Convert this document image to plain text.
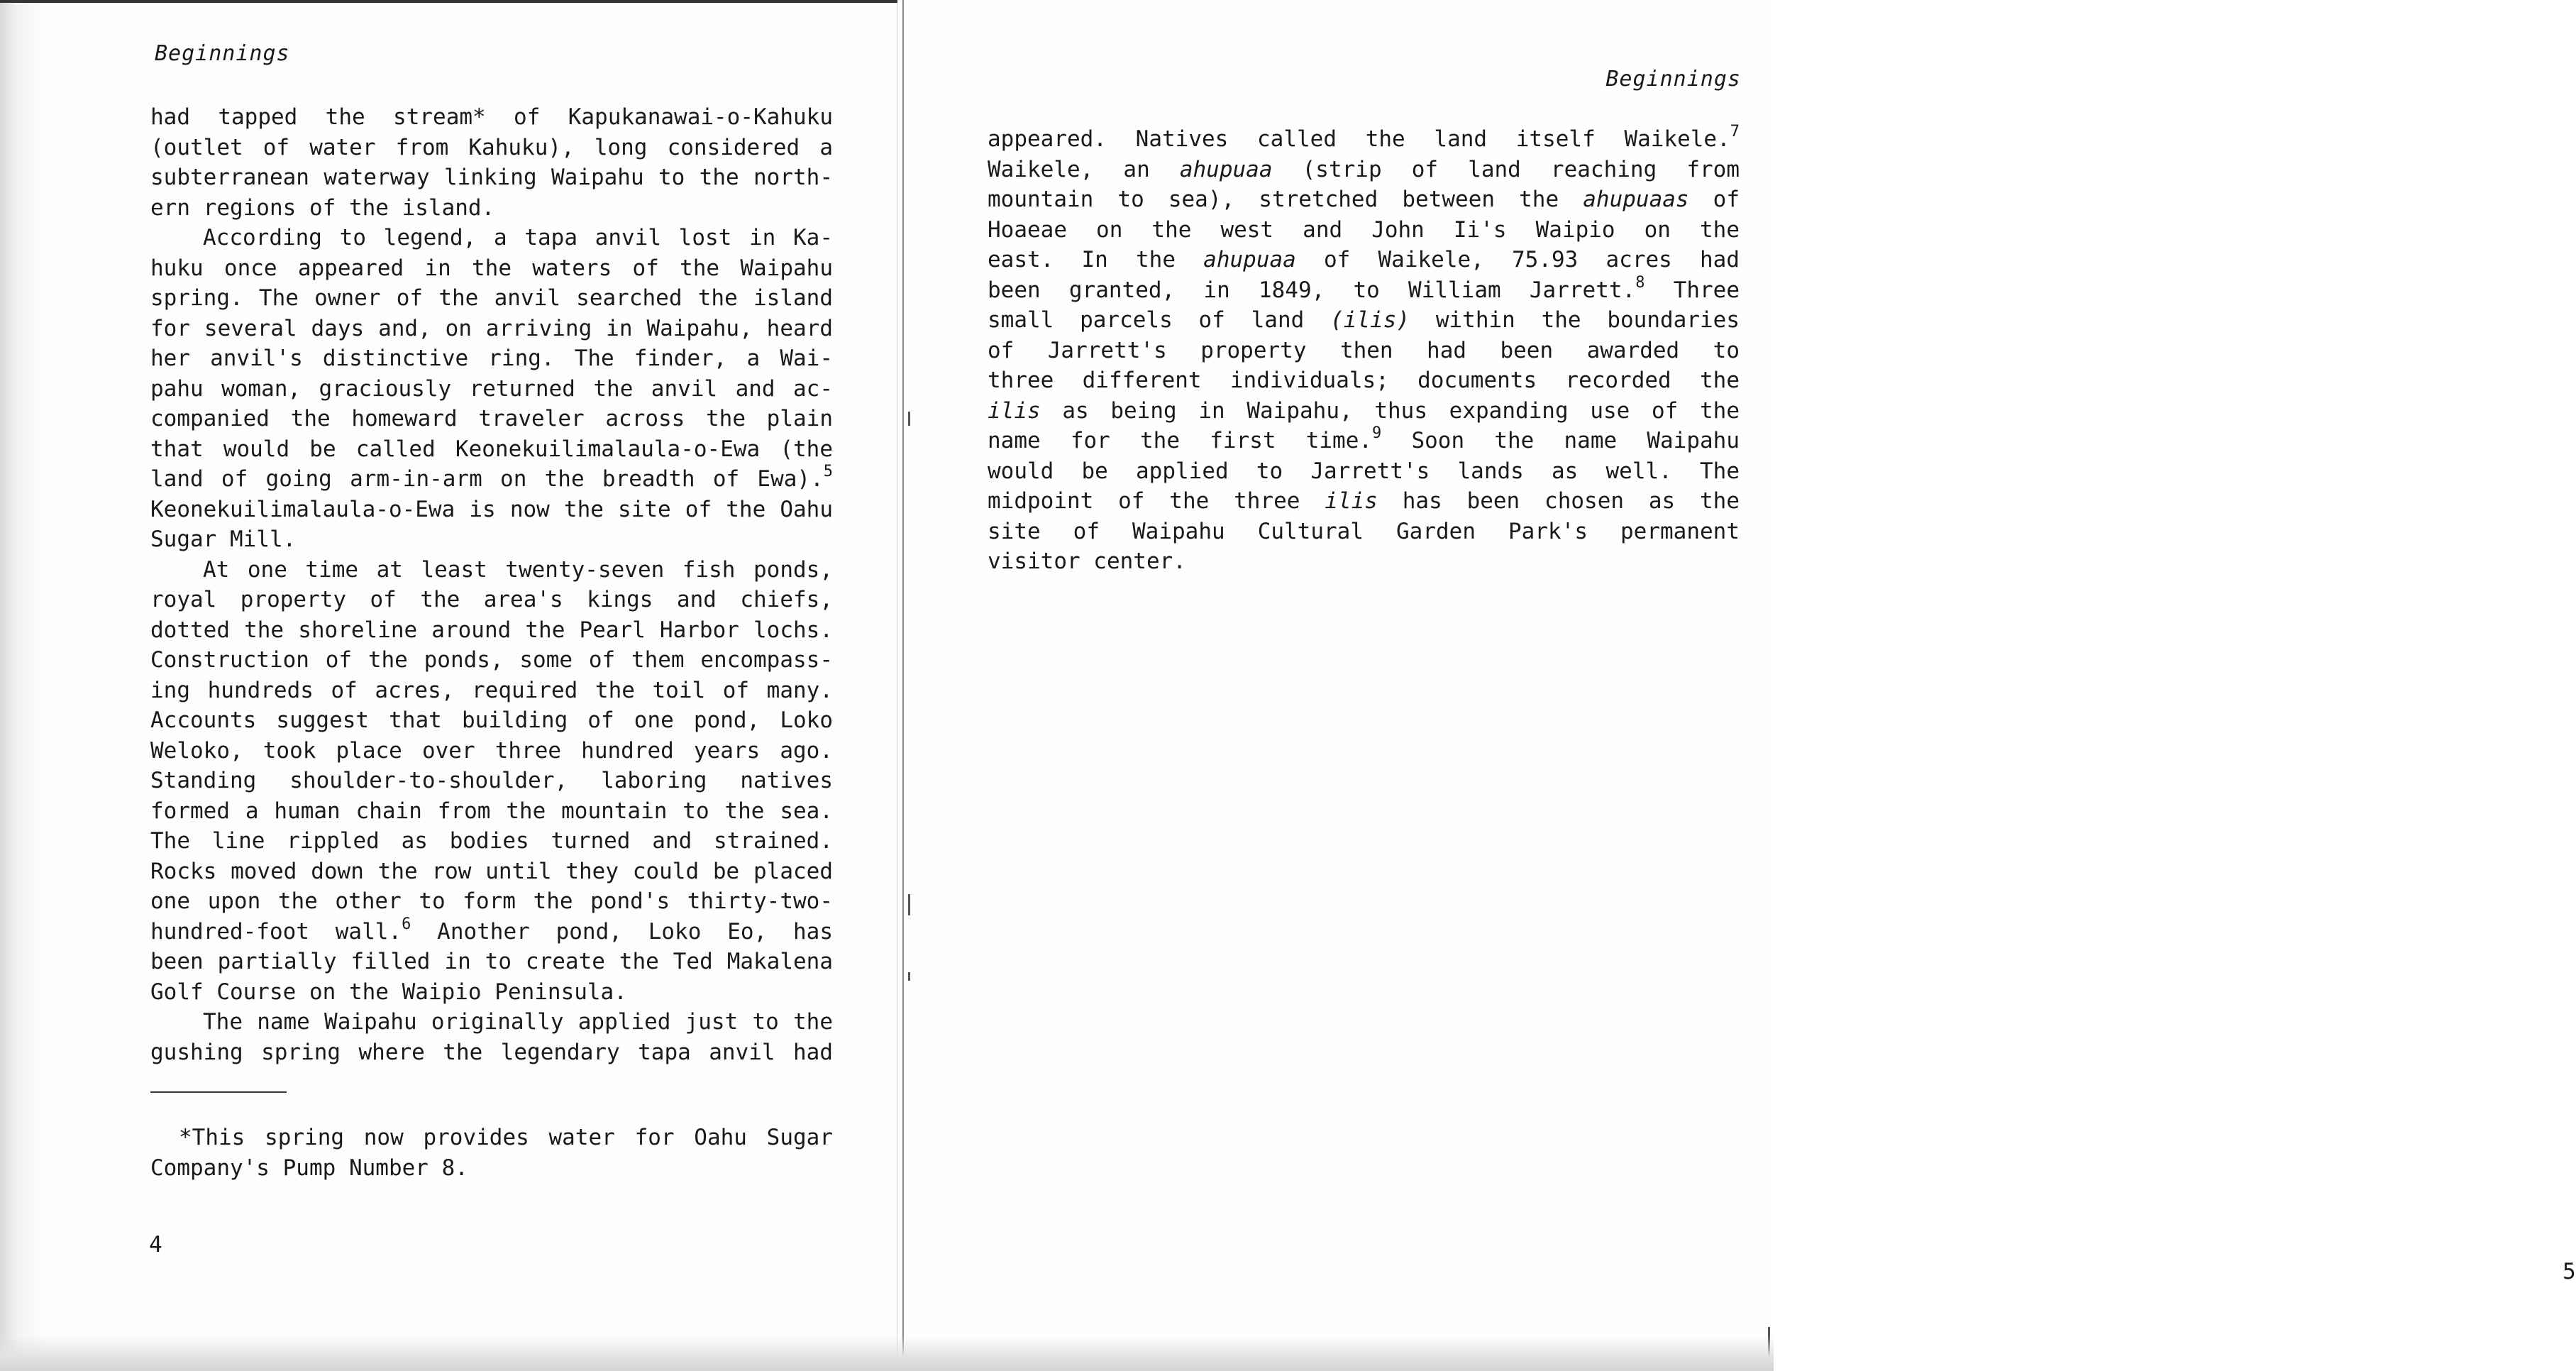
Beginnings
had tapped the stream* of Kapukanawai-o-Kahuku
(outlet of water from Kahuku), long considered a
subterranean waterway linking Waipahu to the north-
ern regions of the island.
According to legend, a tapa anvil lost in Ka-
huku once appeared in the waters of the Waipahu
spring. The owner of the anvil searched the island
for several days and, on arriving in Waipahu, heard
her anvil's distinctive ring. The finder, a Wai-
pahu woman, graciously returned the anvil and ac-
companied the homeward traveler across the plain
that would be called Keonekuilimalaula-o-Ewa (the
land of going arm-in-arm on the breadth of Ewa).$^5$
Keonekuilimalaula-o-Ewa is now the site of the Oahu
Sugar Mill.
At one time at least twenty-seven fish ponds,
royal property of the area's kings and chiefs,
dotted the shoreline around the Pearl Harbor lochs.
Construction of the ponds, some of them encompass-
ing hundreds of acres, required the toil of many.
Accounts suggest that building of one pond, Loko
Weloko, took place over three hundred years ago.
Standing shoulder-to-shoulder, laboring natives
formed a human chain from the mountain to the sea.
The line rippled as bodies turned and strained.
Rocks moved down the row until they could be placed
one upon the other to form the pond's thirty-two-
hundred-foot wall.$^6$ Another pond, Loko Eo, has
been partially filled in to create the Ted Makalena
Golf Course on the Waipio Peninsula.
The name Waipahu originally applied just to the
gushing spring where the legendary tapa anvil had
*This spring now provides water for Oahu Sugar
Company's Pump Number 8.
4
Beginnings
appeared. Natives called the land itself Waikele.$^7$
Waikele, an ahupuaa (strip of land reaching from
mountain to sea), stretched between the ahupuaas of
Hoaeae on the west and John Ii's Waipio on the
east. In the ahupuaa of Waikele, 75.93 acres had
been granted, in 1849, to William Jarrett.$^8$ Three
small parcels of land (ilis) within the boundaries
of Jarrett's property then had been awarded to
three different individuals; documents recorded the
ilis as being in Waipahu, thus expanding use of the
name for the first time.$^9$ Soon the name Waipahu
would be applied to Jarrett's lands as well. The
midpoint of the three ilis has been chosen as the
site of Waipahu Cultural Garden Park's permanent
visitor center.
5
